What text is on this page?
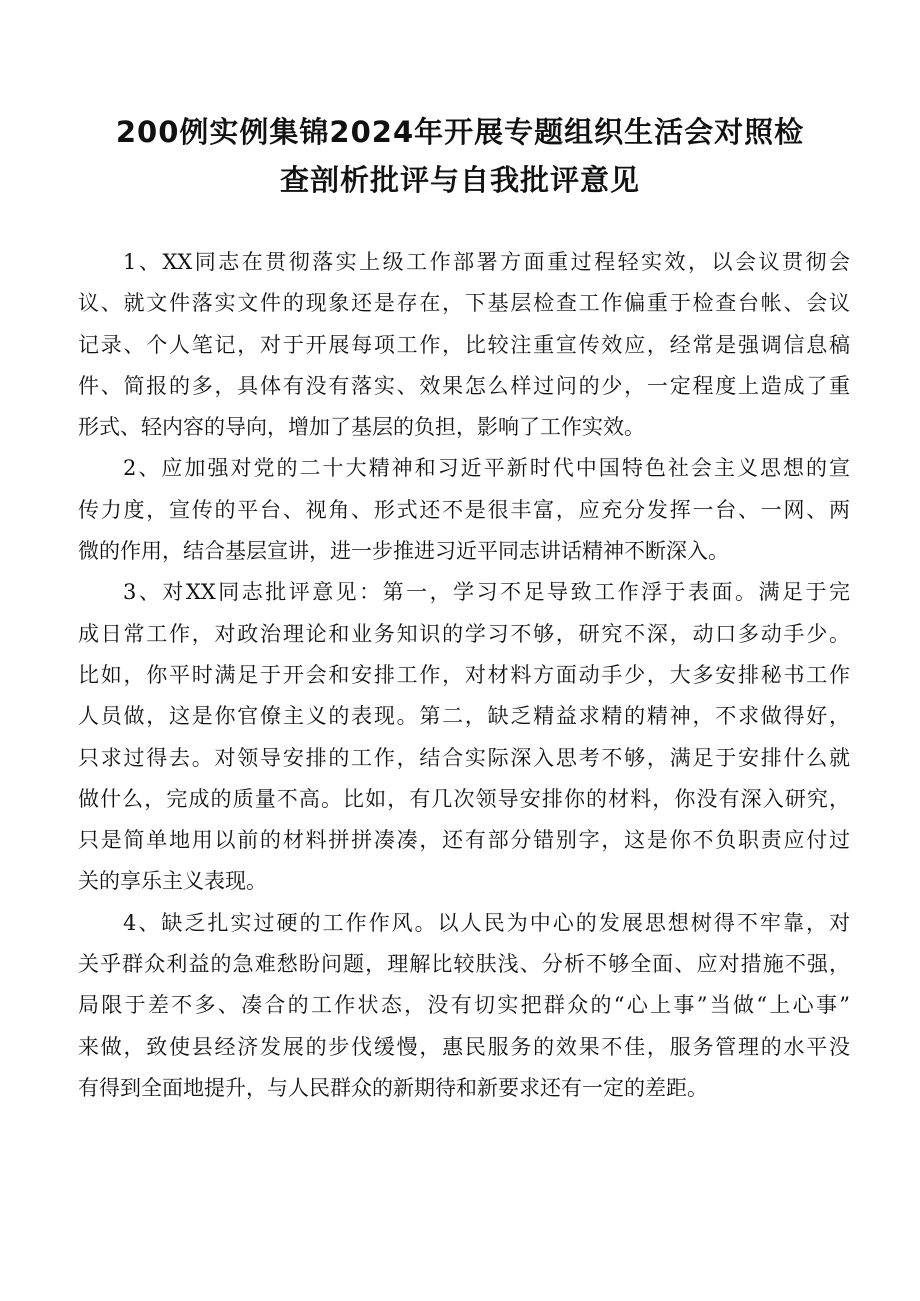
200例实例集锦2024年开展专题组织生活会对照检
查剖析批评与自我批评意见

1、XX同志在贯彻落实上级工作部署方面重过程轻实效，以会议贯彻会
议、就文件落实文件的现象还是存在，下基层检查工作偏重于检查台帐、会议
记录、个人笔记，对于开展每项工作，比较注重宣传效应，经常是强调信息稿
件、简报的多，具体有没有落实、效果怎么样过问的少，一定程度上造成了重
形式、轻内容的导向，增加了基层的负担，影响了工作实效。

2、应加强对党的二十大精神和习近平新时代中国特色社会主义思想的宣
传力度，宣传的平台、视角、形式还不是很丰富，应充分发挥一台、一网、两
微的作用，结合基层宣讲，进一步推进习近平同志讲话精神不断深入。

3、对XX同志批评意见：第一，学习不足导致工作浮于表面。满足于完
成日常工作，对政治理论和业务知识的学习不够，研究不深，动口多动手少。
比如，你平时满足于开会和安排工作，对材料方面动手少，大多安排秘书工作
人员做，这是你官僚主义的表现。第二，缺乏精益求精的精神，不求做得好，
只求过得去。对领导安排的工作，结合实际深入思考不够，满足于安排什么就
做什么，完成的质量不高。比如，有几次领导安排你的材料，你没有深入研究，
只是简单地用以前的材料拼拼凑凑，还有部分错别字，这是你不负职责应付过
关的享乐主义表现。

4、缺乏扎实过硬的工作作风。以人民为中心的发展思想树得不牢靠，对
关乎群众利益的急难愁盼问题，理解比较肤浅、分析不够全面、应对措施不强，
局限于差不多、凑合的工作状态，没有切实把群众的“心上事”当做“上心事”
来做，致使县经济发展的步伐缓慢，惠民服务的效果不佳，服务管理的水平没
有得到全面地提升，与人民群众的新期待和新要求还有一定的差距。
